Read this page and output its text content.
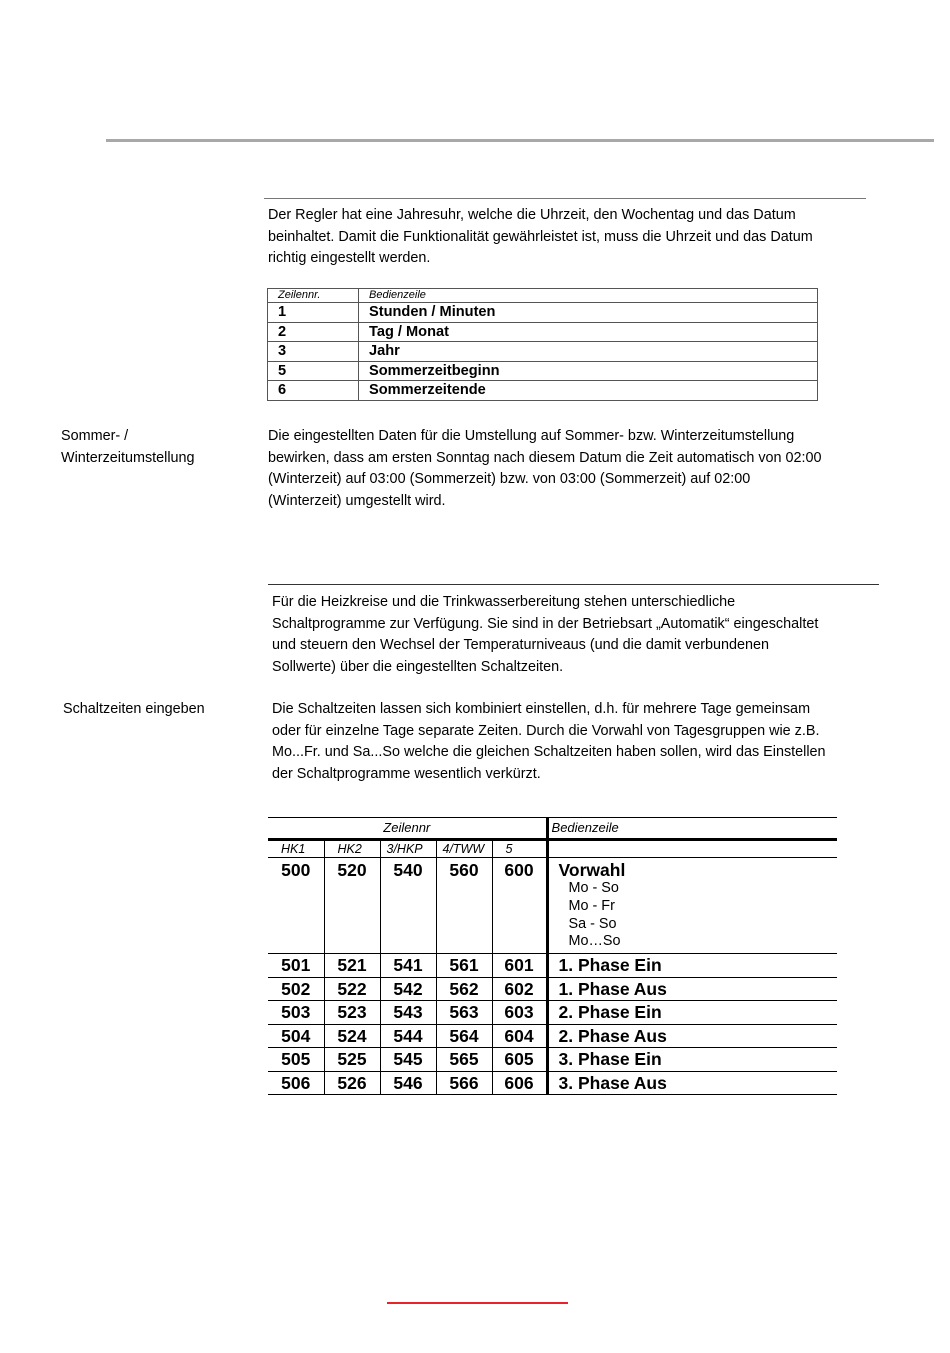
Der Regler hat eine Jahresuhr, welche die Uhrzeit, den Wochentag und das Datum
beinhaltet. Damit die Funktionalität gewährleistet ist, muss die Uhrzeit und das Datum
richtig eingestellt werden.
Zeilennr.	Bedienzeile
1	Stunden / Minuten
2	Tag / Monat
3	Jahr
5	Sommerzeitbeginn
6	Sommerzeitende
Sommer- /
Winterzeitumstellung
Die eingestellten Daten für die Umstellung auf Sommer- bzw. Winterzeitumstellung
bewirken, dass am ersten Sonntag nach diesem Datum die Zeit automatisch von 02:00
(Winterzeit) auf 03:00 (Sommerzeit) bzw. von 03:00 (Sommerzeit) auf 02:00
(Winterzeit) umgestellt wird.
Für die Heizkreise und die Trinkwasserbereitung stehen unterschiedliche
Schaltprogramme zur Verfügung. Sie sind in der Betriebsart „Automatik“ eingeschaltet
und steuern den Wechsel der Temperaturniveaus (und die damit verbundenen
Sollwerte) über die eingestellten Schaltzeiten.
Schaltzeiten eingeben	Die Schaltzeiten lassen sich kombiniert einstellen, d.h. für mehrere Tage gemeinsam
oder für einzelne Tage separate Zeiten. Durch die Vorwahl von Tagesgruppen wie z.B.
Mo...Fr. und Sa...So welche die gleichen Schaltzeiten haben sollen, wird das Einstellen
der Schaltprogramme wesentlich verkürzt.
Zeilennr					Bedienzeile
HK1	HK2	3/HKP	4/TWW	5	
500	520	540	560	600	Vorwahl
Mo - So
Mo - Fr
Sa - So
Mo…So

501	521	541	561	601	1. Phase Ein
502	522	542	562	602	1. Phase Aus
503	523	543	563	603	2. Phase Ein
504	524	544	564	604	2. Phase Aus
505	525	545	565	605	3. Phase Ein
506	526	546	566	606	3. Phase Aus
